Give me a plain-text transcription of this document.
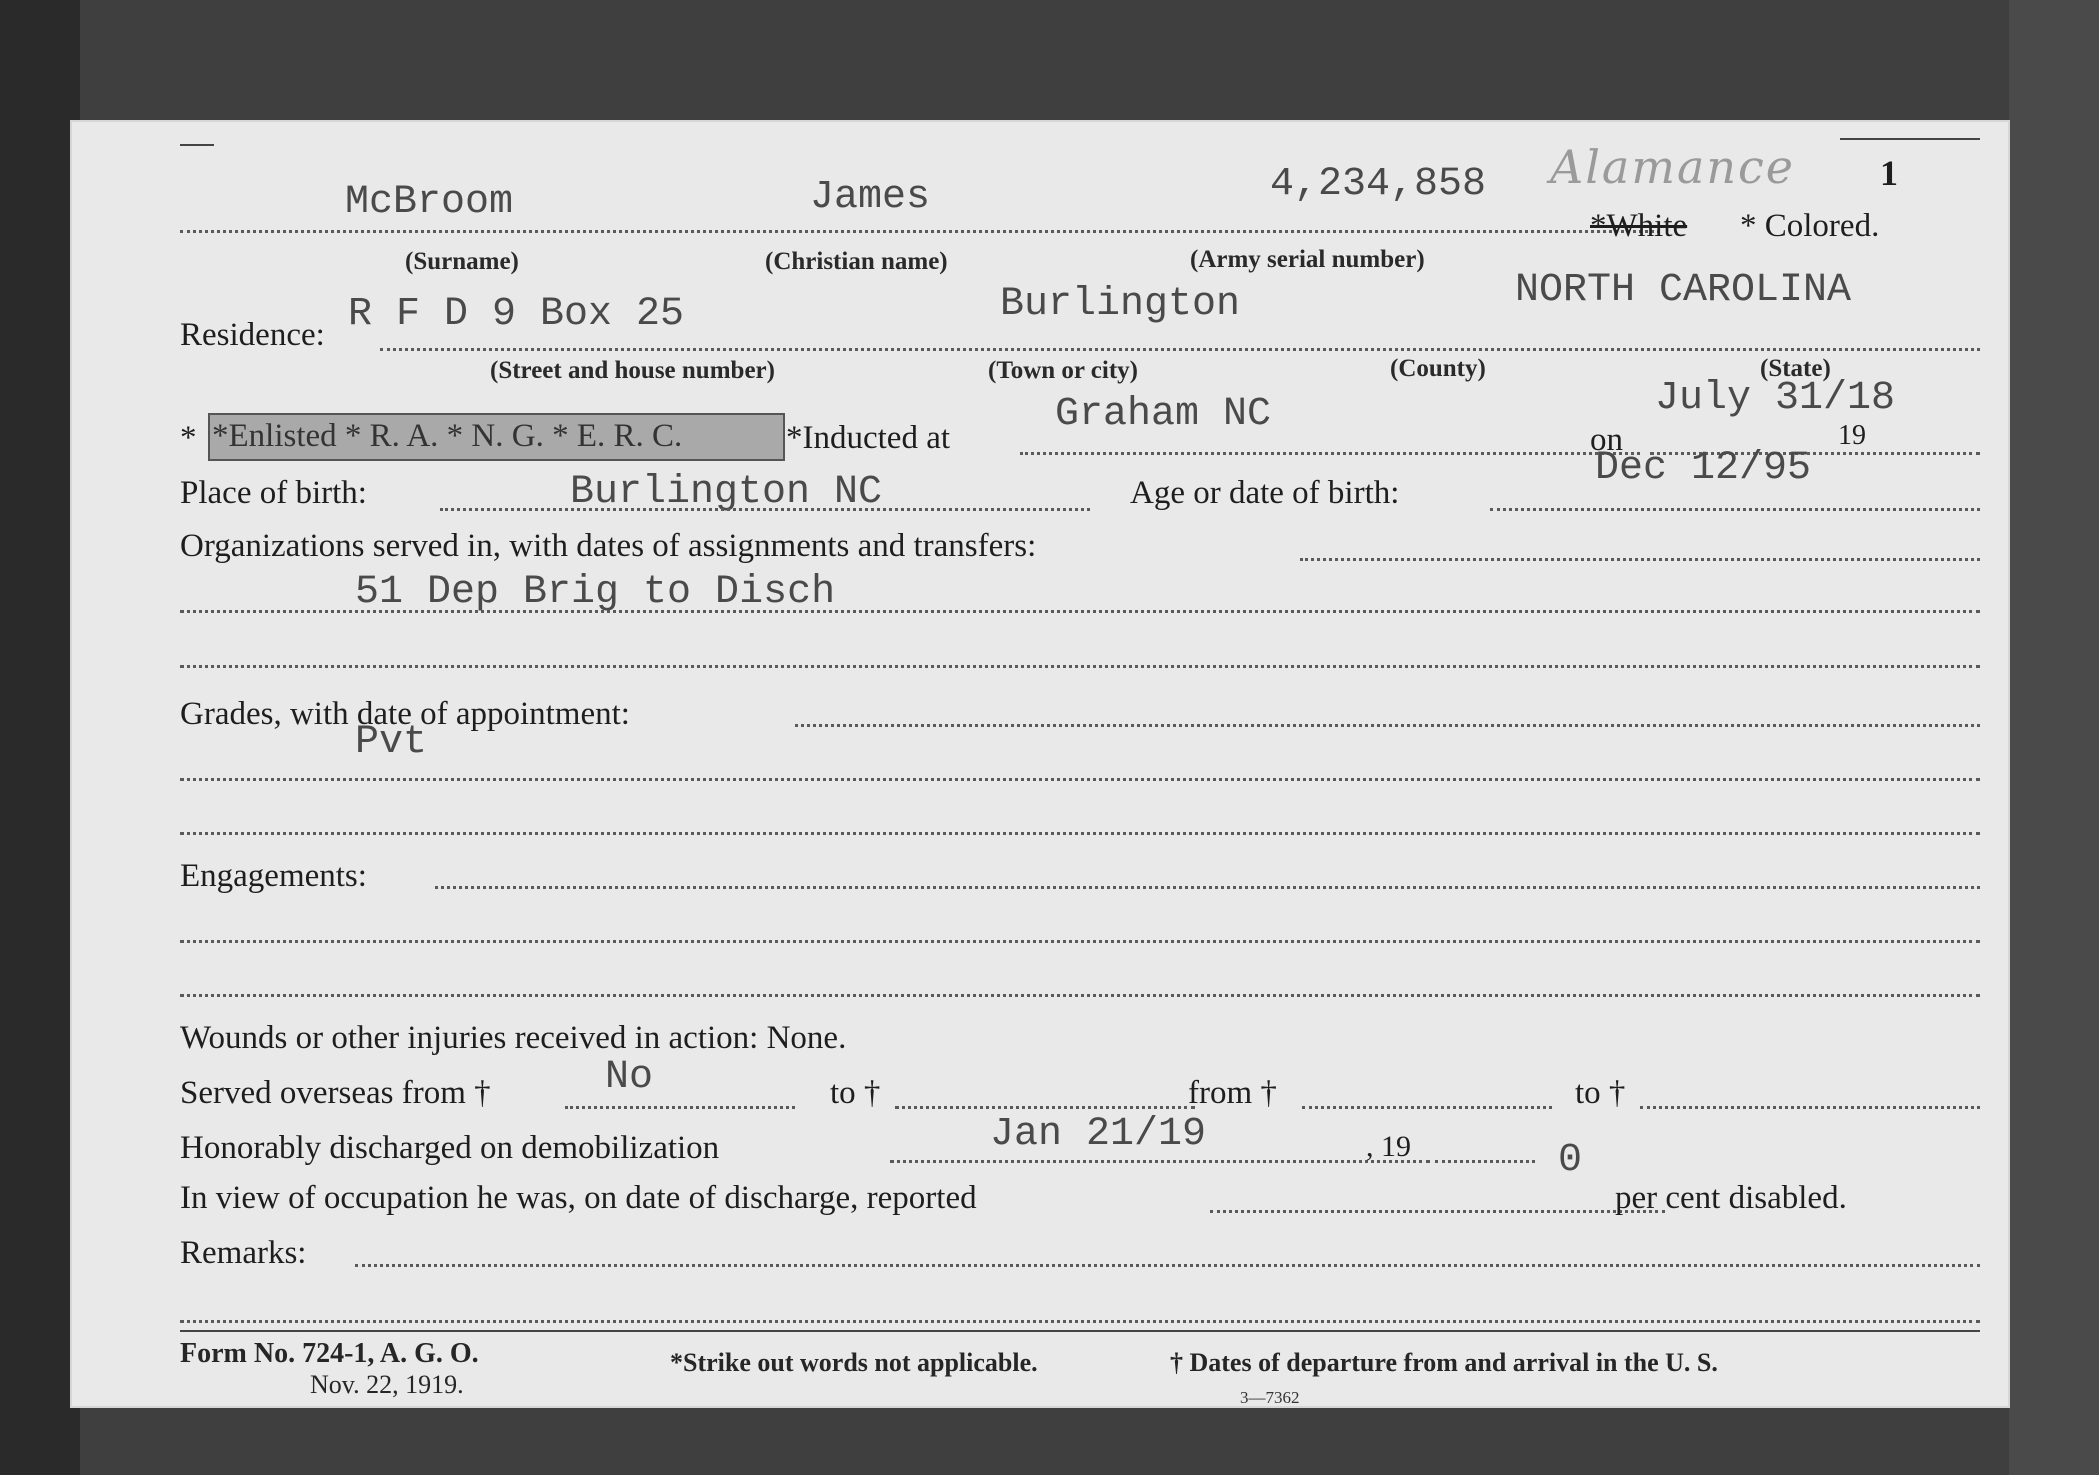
McBroom	James	4,234,858 Alamance 1
*White * Colored.
(Surname)	(Christian name)	(Army serial number)
Residence: R F D 9 Box 25	Burlington	NORTH CAROLINA
(Street and house number)	(Town or city)	(County)	(State)
* *Enlisted * R. A. * N. G. * E. R. C.	*Inducted at
Graham NC
on
July 31/18
19
Place of birth:	Burlington NC	Age or date of birth:
Dec 12/95
Organizations served in, with dates of assignments and transfers:
51 Dep Brig to Disch
Grades, with date of appointment:
Pvt
Engagements:
Wounds or other injuries received in action: None.
Served overseas from †	No	to †	from †	to †
Honorably discharged on demobilization	Jan 21/19	, 19	0
In view of occupation he was, on date of discharge, reported	per cent disabled.
Remarks:
Form No. 724-1, A. G. O.
Nov. 22, 1919.
*Strike out words not applicable.	† Dates of departure from and arrival in the U. S.
3—7362
